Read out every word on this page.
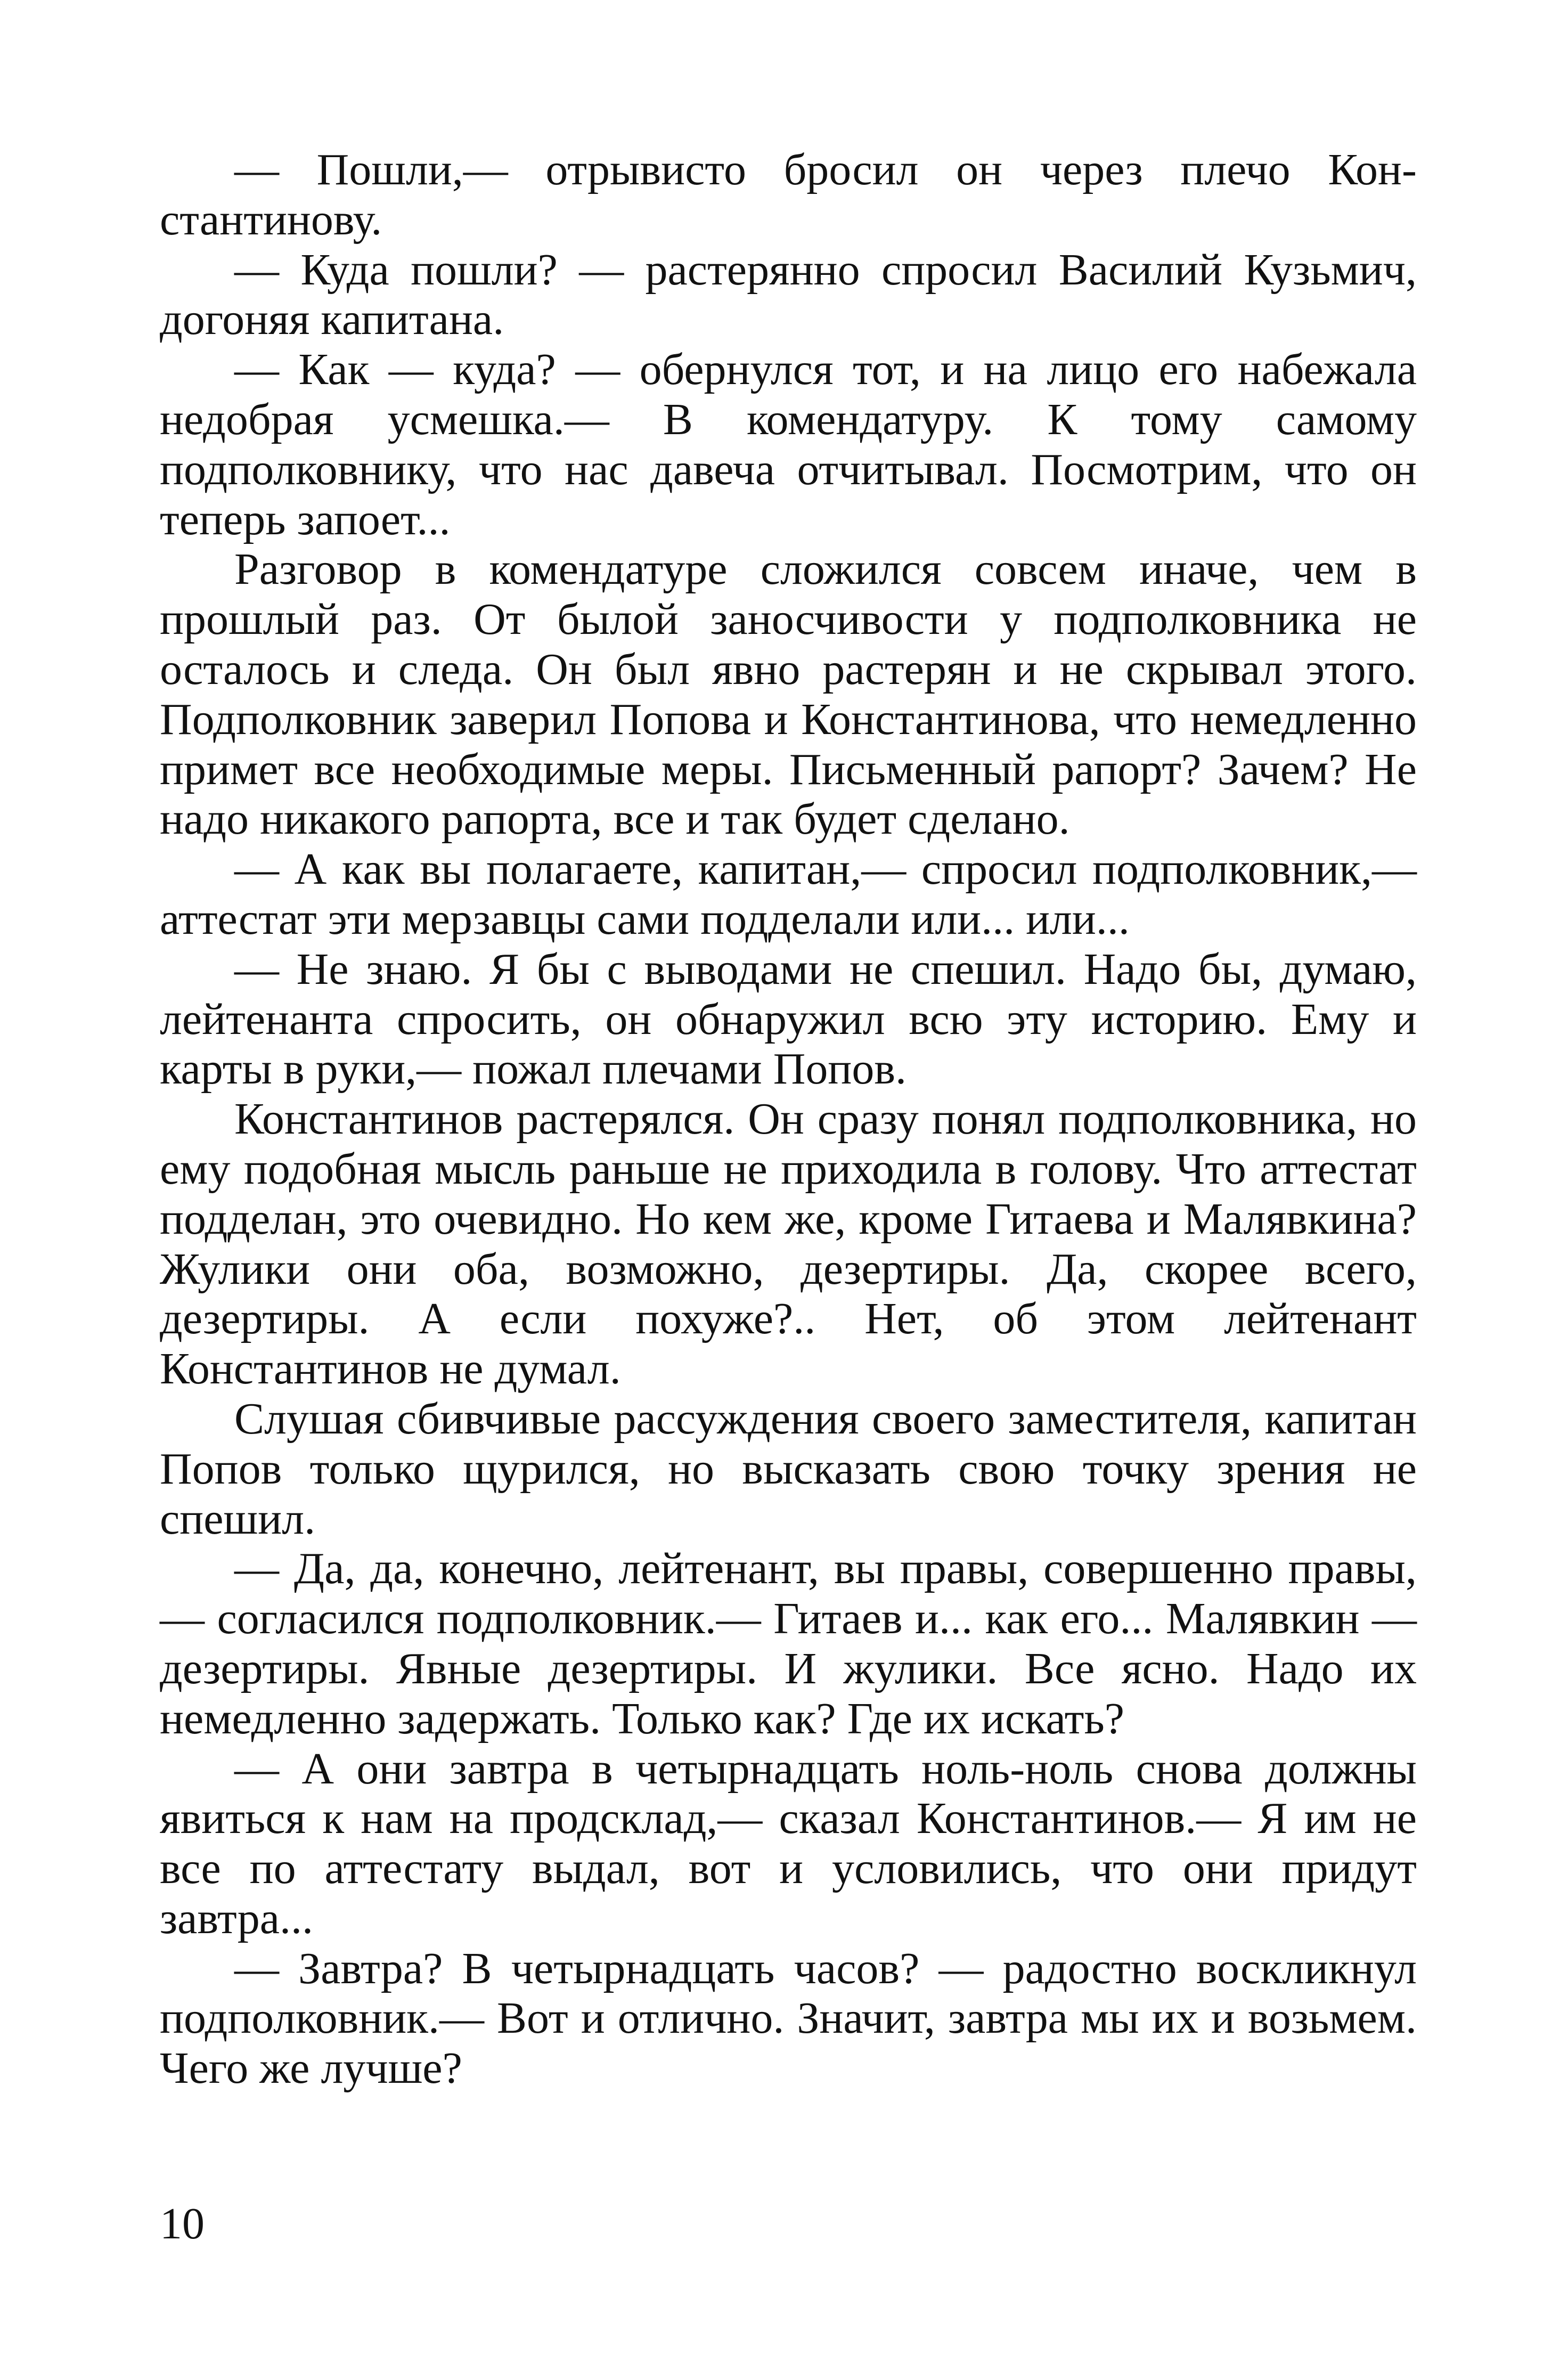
— Пошли,— отрывисто бросил он через плечо Константинову.

— Куда пошли? — растерянно спросил Василий Кузьмич, догоняя капитана.

— Как — куда? — обернулся тот, и на лицо его набежала недобрая усмешка.— В комендатуру. К тому самому подполковнику, что нас давеча отчитывал. Посмотрим, что он теперь запоет...

Разговор в комендатуре сложился совсем иначе, чем в прошлый раз. От былой заносчивости у подполковника не осталось и следа. Он был явно растерян и не скрывал этого. Подполковник заверил Попова и Константинова, что немедленно примет все необходимые меры. Письменный рапорт? Зачем? Не надо никакого рапорта, все и так будет сделано.

— А как вы полагаете, капитан,— спросил подполковник,— аттестат эти мерзавцы сами подделали или... или...

— Не знаю. Я бы с выводами не спешил. Надо бы, думаю, лейтенанта спросить, он обнаружил всю эту историю. Ему и карты в руки,— пожал плечами Попов.

Константинов растерялся. Он сразу понял подполковника, но ему подобная мысль раньше не приходила в голову. Что аттестат подделан, это очевидно. Но кем же, кроме Гитаева и Малявкина? Жулики они оба, возможно, дезертиры. Да, скорее всего, дезертиры. А если похуже?.. Нет, об этом лейтенант Константинов не думал.

Слушая сбивчивые рассуждения своего заместителя, капитан Попов только щурился, но высказать свою точку зрения не спешил.

— Да, да, конечно, лейтенант, вы правы, совершенно правы,— согласился подполковник.— Гитаев и... как его... Малявкин — дезертиры. Явные дезертиры. И жулики. Все ясно. Надо их немедленно задержать. Только как? Где их искать?

— А они завтра в четырнадцать ноль-ноль снова должны явиться к нам на продсклад,— сказал Константинов.— Я им не все по аттестату выдал, вот и условились, что они придут завтра...

— Завтра? В четырнадцать часов? — радостно воскликнул подполковник.— Вот и отлично. Значит, завтра мы их и возьмем. Чего же лучше?

10
